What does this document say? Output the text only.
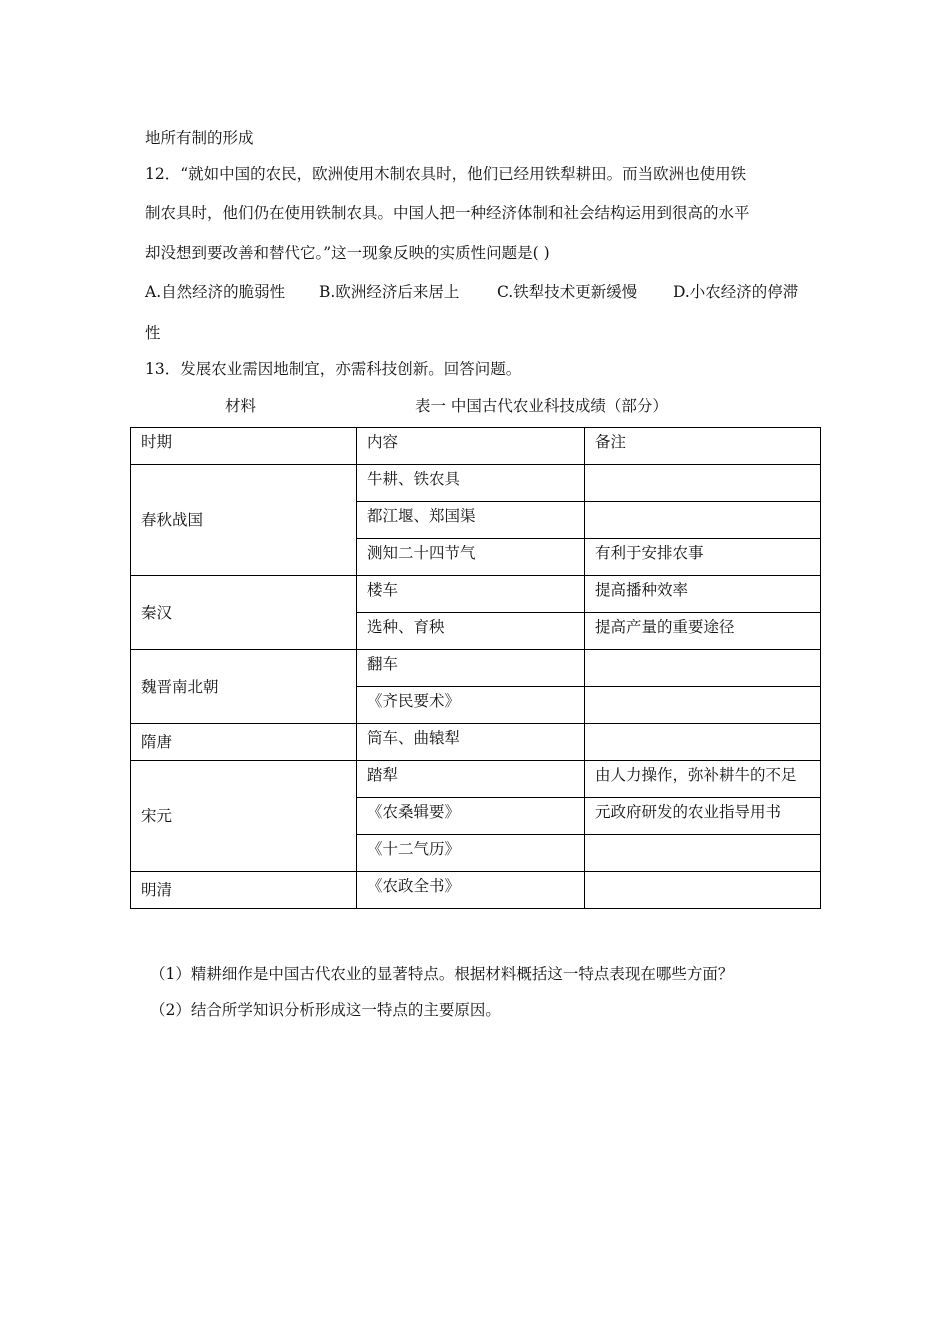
地所有制的形成
12．“就如中国的农民，欧洲使用木制农具时，他们已经用铁犁耕田。而当欧洲也使用铁
制农具时，他们仍在使用铁制农具。中国人把一种经济体制和社会结构运用到很高的水平
却没想到要改善和替代它。”这一现象反映的实质性问题是( )
A.自然经济的脆弱性 B.欧洲经济后来居上 C.铁犁技术更新缓慢 D.小农经济的停滞
性
13．发展农业需因地制宜，亦需科技创新。回答问题。
材料	表一 中国古代农业科技成绩（部分）
时期	内容	备注
春秋战国	牛耕、铁农具	
	都江堰、郑国渠	
	测知二十四节气	有利于安排农事
秦汉	楼车	提高播种效率
	选种、育秧	提高产量的重要途径
魏晋南北朝	翻车	
	《齐民要术》	
隋唐	筒车、曲辕犁	
宋元	踏犁	由人力操作，弥补耕牛的不足
	《农桑辑要》	元政府研发的农业指导用书
	《十二气历》	
明清	《农政全书》	
（1）精耕细作是中国古代农业的显著特点。根据材料概括这一特点表现在哪些方面？
（2）结合所学知识分析形成这一特点的主要原因。
